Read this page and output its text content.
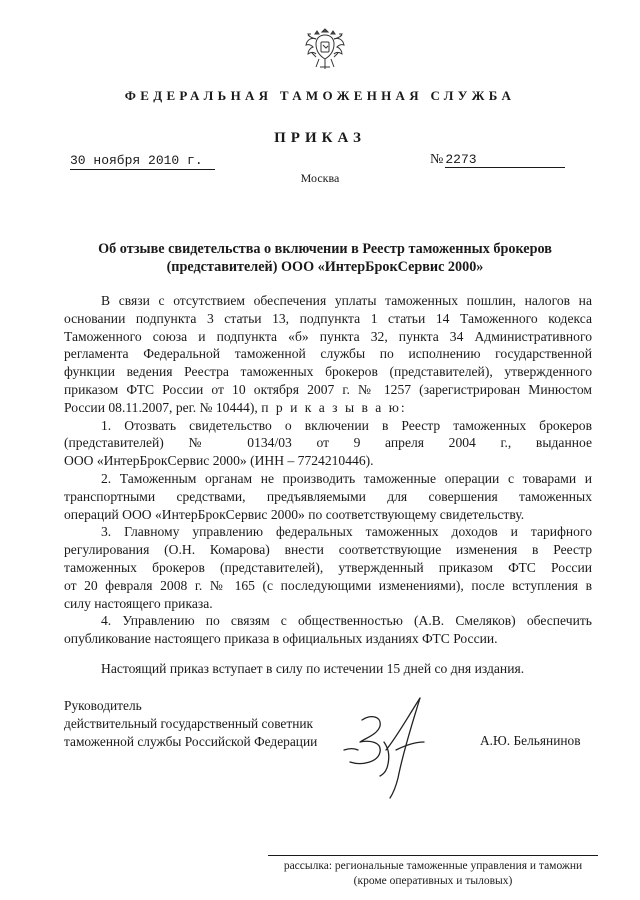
ФЕДЕРАЛЬНАЯ ТАМОЖЕННАЯ СЛУЖБА
ПРИКАЗ
30 ноября 2010 г.	№ 2273
Москва
Об отзыве свидетельства о включении в Реестр таможенных брокеров
(представителей) ООО «ИнтерБрокСервис 2000»
В связи с отсутствием обеспечения уплаты таможенных пошлин, налогов на
основании подпункта 3 статьи 13, подпункта 1 статьи 14 Таможенного кодекса
Таможенного союза и подпункта «б» пункта 32, пункта 34 Административного
регламента Федеральной таможенной службы по исполнению государственной
функции ведения Реестра таможенных брокеров (представителей), утвержденного
приказом ФТС России от 10 октября 2007 г. № 1257 (зарегистрирован Минюстом
России 08.11.2007, рег. № 10444), п р и к а з ы в а ю:
1. Отозвать свидетельство о включении в Реестр таможенных брокеров
(представителей) № 0134/03 от 9 апреля 2004 г., выданное
ООО «ИнтерБрокСервис 2000» (ИНН – 7724210446).
2. Таможенным органам не производить таможенные операции с товарами и
транспортными средствами, предъявляемыми для совершения таможенных
операций ООО «ИнтерБрокСервис 2000» по соответствующему свидетельству.
3. Главному управлению федеральных таможенных доходов и тарифного
регулирования (О.Н. Комарова) внести соответствующие изменения в Реестр
таможенных брокеров (представителей), утвержденный приказом ФТС России
от 20 февраля 2008 г. № 165 (с последующими изменениями), после вступления в
силу настоящего приказа.
4. Управлению по связям с общественностью (А.В. Смеляков) обеспечить
опубликование настоящего приказа в официальных изданиях ФТС России.
Настоящий приказ вступает в силу по истечении 15 дней со дня издания.
Руководитель
действительный государственный советник
таможенной службы Российской Федерации	А.Ю. Бельянинов
рассылка: региональные таможенные управления и таможни
(кроме оперативных и тыловых)
